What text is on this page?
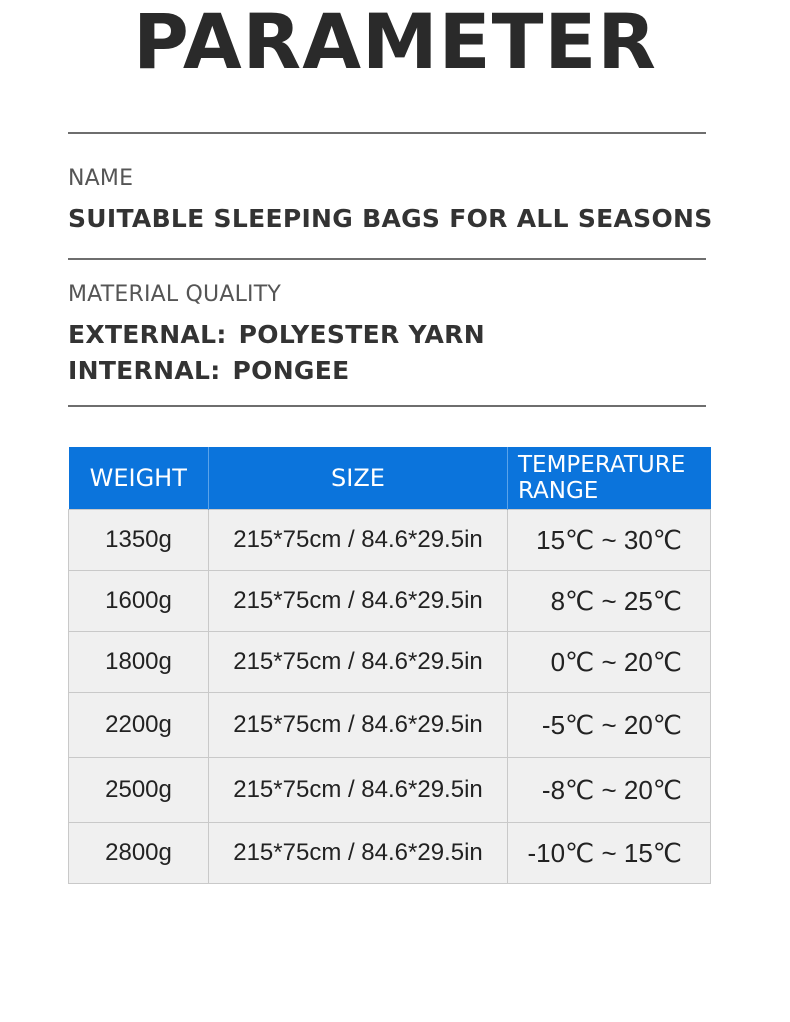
PARAMETER
NAME
SUITABLE SLEEPING BAGS FOR ALL SEASONS
MATERIAL QUALITY
EXTERNAL: POLYESTER YARN
INTERNAL: PONGEE
WEIGHT	SIZE	TEMPERATURE
RANGE
1350g	215*75cm / 84.6*29.5in	15℃ ~ 30℃
1600g	215*75cm / 84.6*29.5in	8℃ ~ 25℃
1800g	215*75cm / 84.6*29.5in	0℃ ~ 20℃
2200g	215*75cm / 84.6*29.5in	-5℃ ~ 20℃
2500g	215*75cm / 84.6*29.5in	-8℃ ~ 20℃
2800g	215*75cm / 84.6*29.5in	-10℃ ~ 15℃
